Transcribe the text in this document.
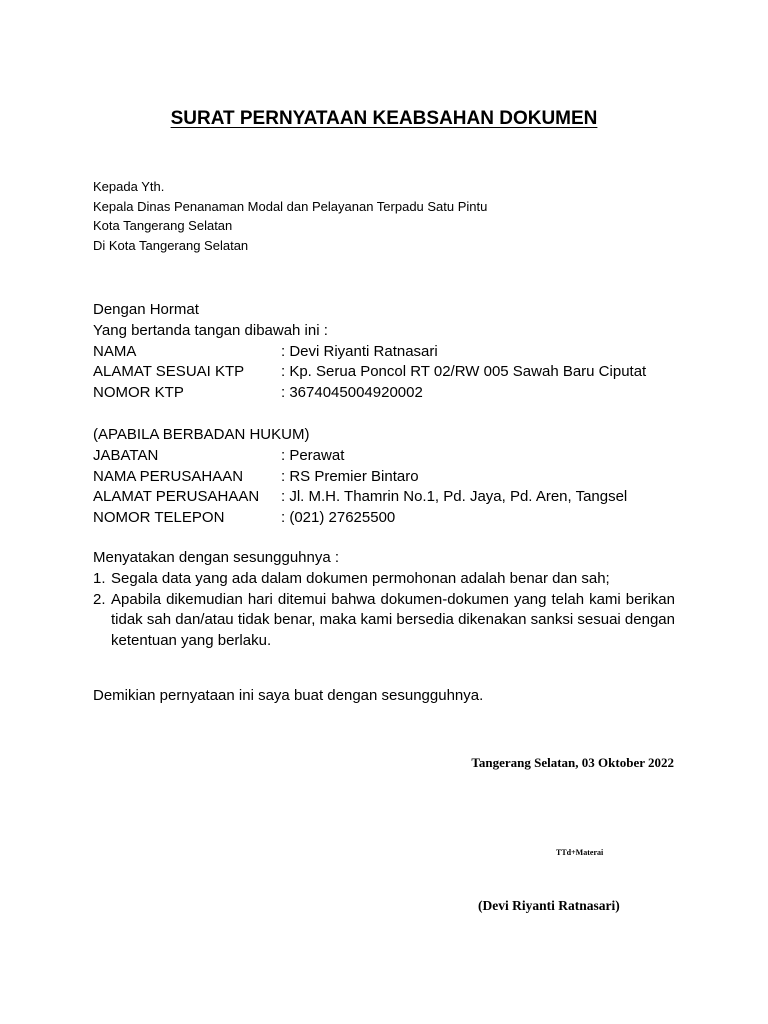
SURAT PERNYATAAN KEABSAHAN DOKUMEN
Kepada Yth.
Kepala Dinas Penanaman Modal dan Pelayanan Terpadu Satu Pintu
Kota Tangerang Selatan
Di Kota Tangerang Selatan
Dengan Hormat
Yang bertanda tangan dibawah ini :
NAMA	: Devi Riyanti Ratnasari
ALAMAT SESUAI KTP	: Kp. Serua Poncol RT 02/RW 005 Sawah Baru Ciputat
NOMOR KTP	: 3674045004920002
(APABILA BERBADAN HUKUM)
JABATAN	: Perawat
NAMA PERUSAHAAN	: RS Premier Bintaro
ALAMAT PERUSAHAAN	: Jl. M.H. Thamrin No.1, Pd. Jaya, Pd. Aren, Tangsel
NOMOR TELEPON	: (021) 27625500
Menyatakan dengan sesungguhnya :
1. Segala data yang ada dalam dokumen permohonan adalah benar dan sah;
2. Apabila dikemudian hari ditemui bahwa dokumen-dokumen yang telah kami berikan tidak sah dan/atau tidak benar, maka kami bersedia dikenakan sanksi sesuai dengan ketentuan yang berlaku.
Demikian pernyataan ini saya buat dengan sesungguhnya.
Tangerang Selatan, 03 Oktober 2022
TTd+Materai
(Devi Riyanti Ratnasari)
